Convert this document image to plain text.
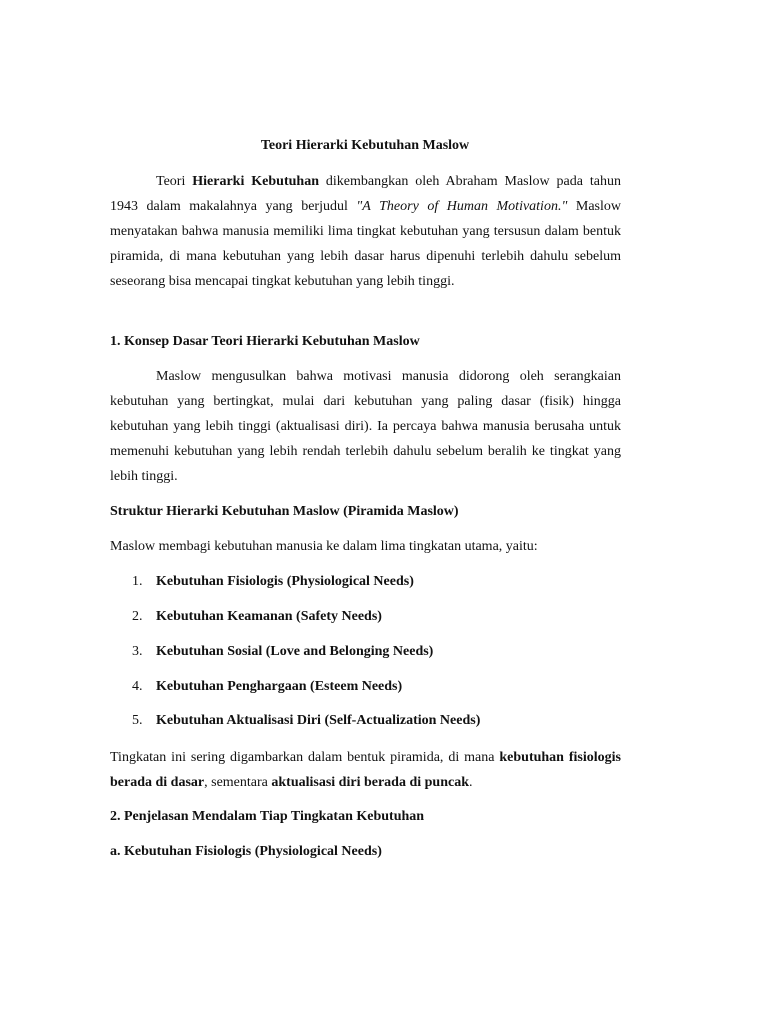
Teori Hierarki Kebutuhan Maslow
Teori Hierarki Kebutuhan dikembangkan oleh Abraham Maslow pada tahun 1943 dalam makalahnya yang berjudul "A Theory of Human Motivation." Maslow menyatakan bahwa manusia memiliki lima tingkat kebutuhan yang tersusun dalam bentuk piramida, di mana kebutuhan yang lebih dasar harus dipenuhi terlebih dahulu sebelum seseorang bisa mencapai tingkat kebutuhan yang lebih tinggi.
1. Konsep Dasar Teori Hierarki Kebutuhan Maslow
Maslow mengusulkan bahwa motivasi manusia didorong oleh serangkaian kebutuhan yang bertingkat, mulai dari kebutuhan yang paling dasar (fisik) hingga kebutuhan yang lebih tinggi (aktualisasi diri). Ia percaya bahwa manusia berusaha untuk memenuhi kebutuhan yang lebih rendah terlebih dahulu sebelum beralih ke tingkat yang lebih tinggi.
Struktur Hierarki Kebutuhan Maslow (Piramida Maslow)
Maslow membagi kebutuhan manusia ke dalam lima tingkatan utama, yaitu:
1. Kebutuhan Fisiologis (Physiological Needs)
2. Kebutuhan Keamanan (Safety Needs)
3. Kebutuhan Sosial (Love and Belonging Needs)
4. Kebutuhan Penghargaan (Esteem Needs)
5. Kebutuhan Aktualisasi Diri (Self-Actualization Needs)
Tingkatan ini sering digambarkan dalam bentuk piramida, di mana kebutuhan fisiologis berada di dasar, sementara aktualisasi diri berada di puncak.
2. Penjelasan Mendalam Tiap Tingkatan Kebutuhan
a. Kebutuhan Fisiologis (Physiological Needs)
